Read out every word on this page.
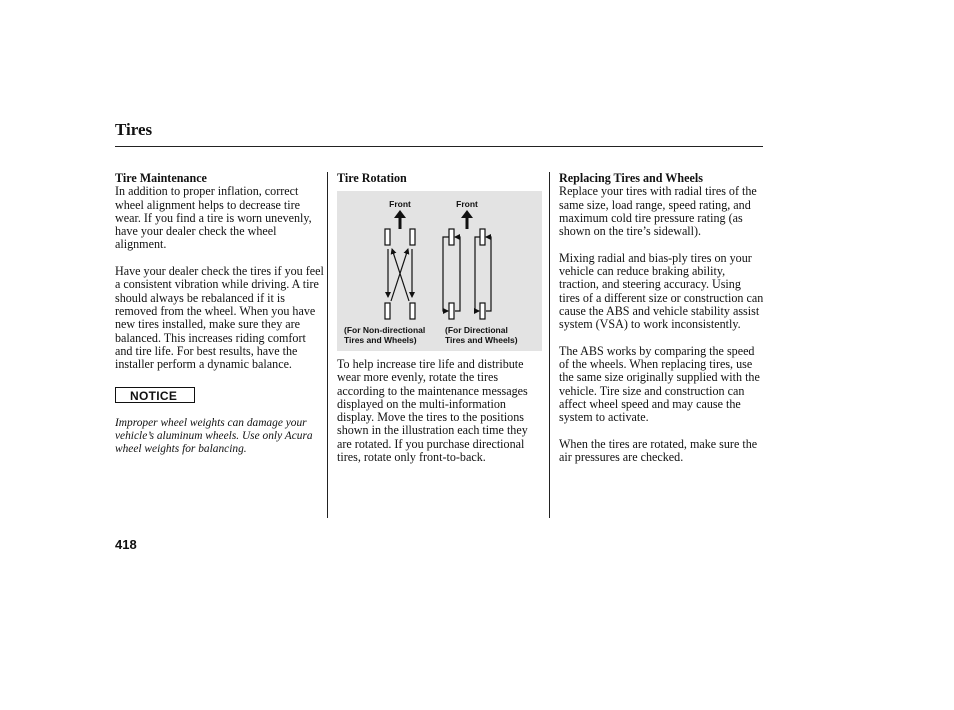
Tires
Tire Maintenance

In addition to proper inflation, correct wheel alignment helps to decrease tire wear. If you find a tire is worn unevenly, have your dealer check the wheel alignment.

Have your dealer check the tires if you feel a consistent vibration while driving. A tire should always be rebalanced if it is removed from the wheel. When you have new tires installed, make sure they are balanced. This increases riding comfort and tire life. For best results, have the installer perform a dynamic balance.

NOTICE

Improper wheel weights can damage your vehicle’s aluminum wheels. Use only Acura wheel weights for balancing.

Tire Rotation
Front	Front
(For Non-directional
Tires and Wheels)
(For Directional
Tires and Wheels)

To help increase tire life and distribute wear more evenly, rotate the tires according to the maintenance messages displayed on the multi-information display. Move the tires to the positions shown in the illustration each time they are rotated. If you purchase directional tires, rotate only front-to-back.

Replacing Tires and Wheels

Replace your tires with radial tires of the same size, load range, speed rating, and maximum cold tire pressure rating (as shown on the tire’s sidewall).

Mixing radial and bias-ply tires on your vehicle can reduce braking ability, traction, and steering accuracy. Using tires of a different size or construction can cause the ABS and vehicle stability assist system (VSA) to work inconsistently.

The ABS works by comparing the speed of the wheels. When replacing tires, use the same size originally supplied with the vehicle. Tire size and construction can affect wheel speed and may cause the system to activate.

When the tires are rotated, make sure the air pressures are checked.

418
